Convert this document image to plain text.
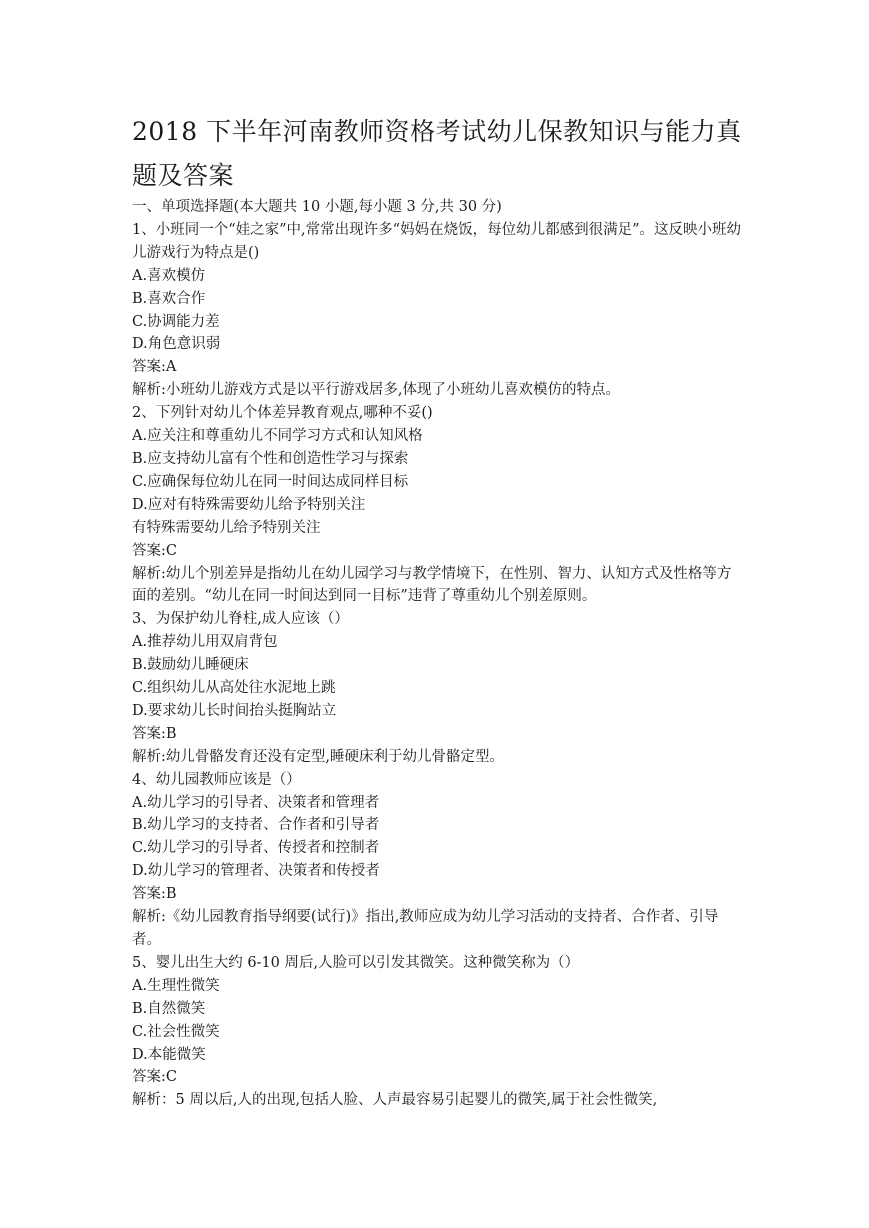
2018 下半年河南教师资格考试幼儿保教知识与能力真题及答案
一、单项选择题(本大题共 10 小题,每小题 3 分,共 30 分)
1、小班同一个“娃之家”中,常常出现许多“妈妈在烧饭，每位幼儿都感到很满足”。这反映小班幼儿游戏行为特点是()
A.喜欢模仿
B.喜欢合作
C.协调能力差
D.角色意识弱
答案:A
解析:小班幼儿游戏方式是以平行游戏居多,体现了小班幼儿喜欢模仿的特点。
2、下列针对幼儿个体差异教育观点,哪种不妥()
A.应关注和尊重幼儿不同学习方式和认知风格
B.应支持幼儿富有个性和创造性学习与探索
C.应确保每位幼儿在同一时间达成同样目标
D.应对有特殊需要幼儿给予特别关注
有特殊需要幼儿给予特别关注
答案:C
解析:幼儿个别差异是指幼儿在幼儿园学习与教学情境下，在性别、智力、认知方式及性格等方面的差别。“幼儿在同一时间达到同一目标”违背了尊重幼儿个别差原则。
3、为保护幼儿脊柱,成人应该（）
A.推荐幼儿用双肩背包
B.鼓励幼儿睡硬床
C.组织幼儿从高处往水泥地上跳
D.要求幼儿长时间抬头挺胸站立
答案:B
解析:幼儿骨骼发育还没有定型,睡硬床利于幼儿骨骼定型。
4、幼儿园教师应该是（）
A.幼儿学习的引导者、决策者和管理者
B.幼儿学习的支持者、合作者和引导者
C.幼儿学习的引导者、传授者和控制者
D.幼儿学习的管理者、决策者和传授者
答案:B
解析:《幼儿园教育指导纲要(试行)》指出,教师应成为幼儿学习活动的支持者、合作者、引导者。
5、婴儿出生大约 6-10 周后,人脸可以引发其微笑。这种微笑称为（）
A.生理性微笑
B.自然微笑
C.社会性微笑
D.本能微笑
答案:C
解析：5 周以后,人的出现,包括人脸、人声最容易引起婴儿的微笑,属于社会性微笑,
